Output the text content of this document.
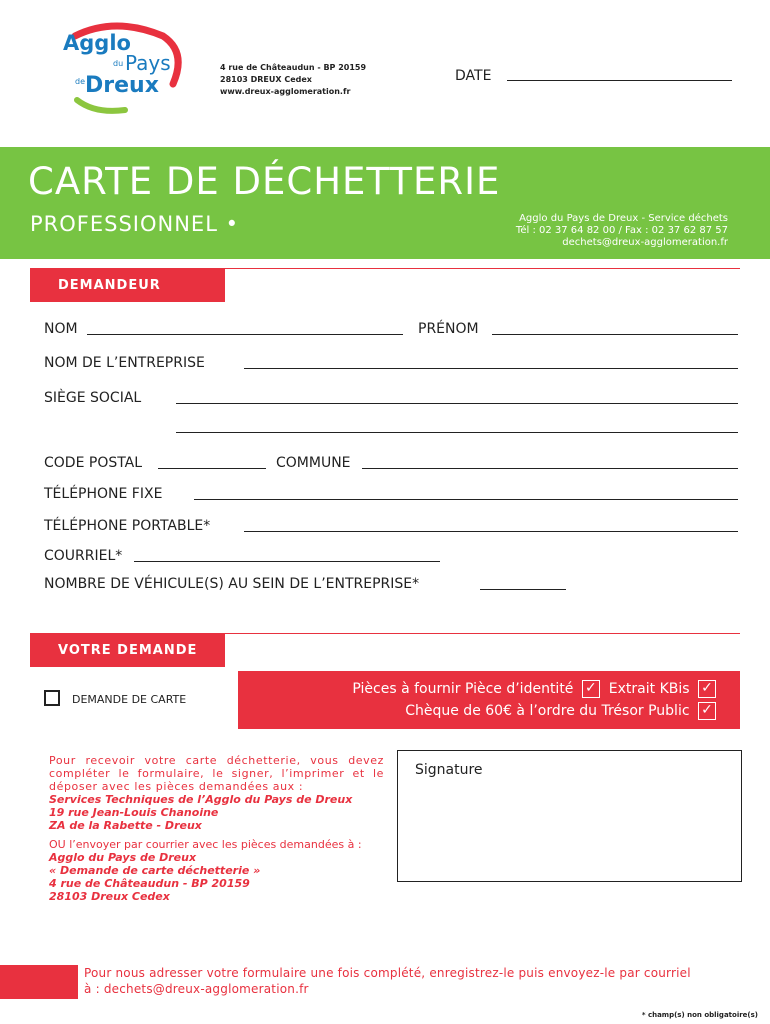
Agglo
du Pays
de Dreux
4 rue de Châteaudun - BP 20159
28103 DREUX Cedex
www.dreux-agglomeration.fr
DATE
CARTE DE DÉCHETTERIE
PROFESSIONNEL •	Agglo du Pays de Dreux - Service déchets
Tél : 02 37 64 82 00 / Fax : 02 37 62 87 57
dechets@dreux-agglomeration.fr
DEMANDEUR
NOM	PRÉNOM
NOM DE L’ENTREPRISE
SIÈGE SOCIAL
CODE POSTAL	COMMUNE
TÉLÉPHONE FIXE
TÉLÉPHONE PORTABLE*
COURRIEL*
NOMBRE DE VÉHICULE(S) AU SEIN DE L’ENTREPRISE*
VOTRE DEMANDE
DEMANDE DE CARTE
Pièces à fournir Pièce d’identité ✓ Extrait KBis ✓
Chèque de 60€ à l’ordre du Trésor Public ✓
Pour recevoir votre carte déchetterie, vous devez compléter le formulaire, le signer, l’imprimer et le déposer avec les pièces demandées aux :
Services Techniques de l’Agglo du Pays de Dreux
19 rue Jean-Louis Chanoine
ZA de la Rabette - Dreux
OU l’envoyer par courrier avec les pièces demandées à :
Agglo du Pays de Dreux
« Demande de carte déchetterie »
4 rue de Châteaudun - BP 20159
28103 Dreux Cedex
Signature
Pour nous adresser votre formulaire une fois complété, enregistrez-le puis envoyez-le par courriel
à : dechets@dreux-agglomeration.fr
* champ(s) non obligatoire(s)
